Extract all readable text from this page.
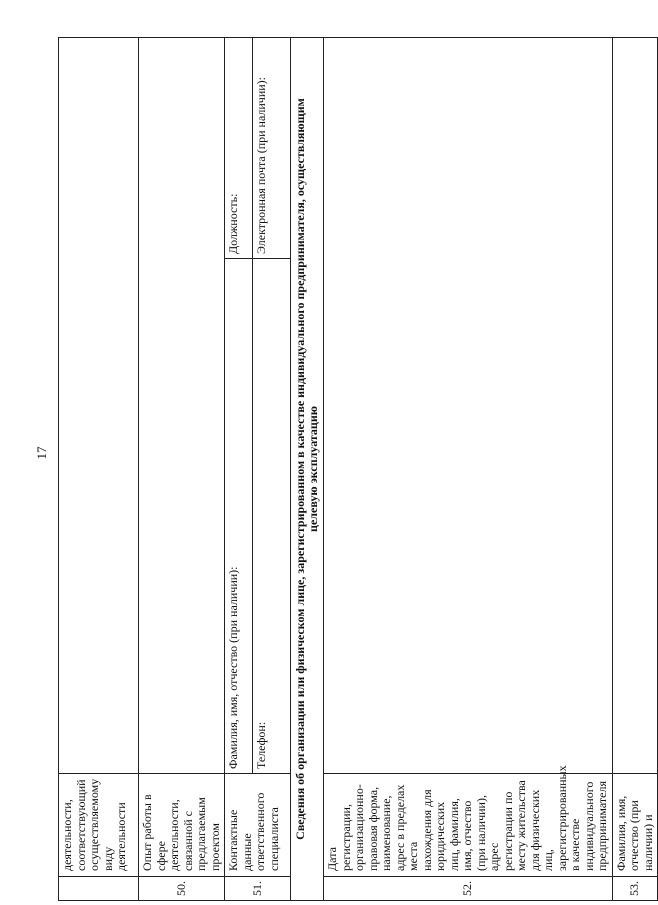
17
	деятельности, соответствующий осуществляемому виду деятельности		
50.	Опыт работы в сфере деятельности, связанной с предлагаемым проектом		
51.	Контактные данные ответственного специалиста	Фамилия, имя, отчество (при наличии):	Должность:
		Телефон:	Электронная почта (при наличии):
Сведения об организации или физическом лице, зарегистрированном в качестве индивидуального предпринимателя, осуществляющим целевую эксплуатацию			
52.	Дата регистрации, организационно-правовая форма, наименование, адрес в пределах места нахождения для юридических лиц, фамилия, имя, отчество (при наличии), адрес регистрации по месту жительства для физических лиц, зарегистрированных в качестве индивидуального предпринимателя		
53.	Фамилия, имя, отчество (при наличии) и		
